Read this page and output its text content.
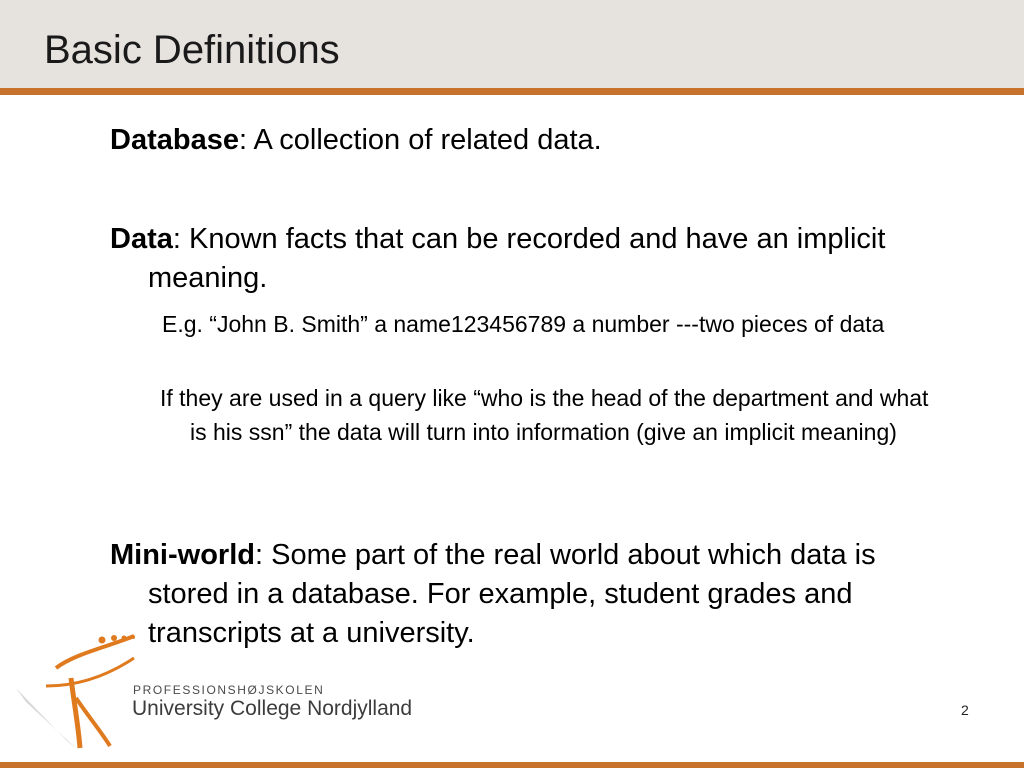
Basic Definitions
Database: A collection of related data.
Data: Known facts that can be recorded and have an implicit meaning.
E.g. “John B. Smith” a name123456789 a number ---two pieces of data
If they are used in a query like “who is the head of the department and what is his ssn” the data will turn into information (give an implicit meaning)
Mini-world: Some part of the real world about which data is stored in a database. For example, student grades and transcripts at a university.
PROFESSIONSHØJSKOLEN
University College Nordjylland	2
